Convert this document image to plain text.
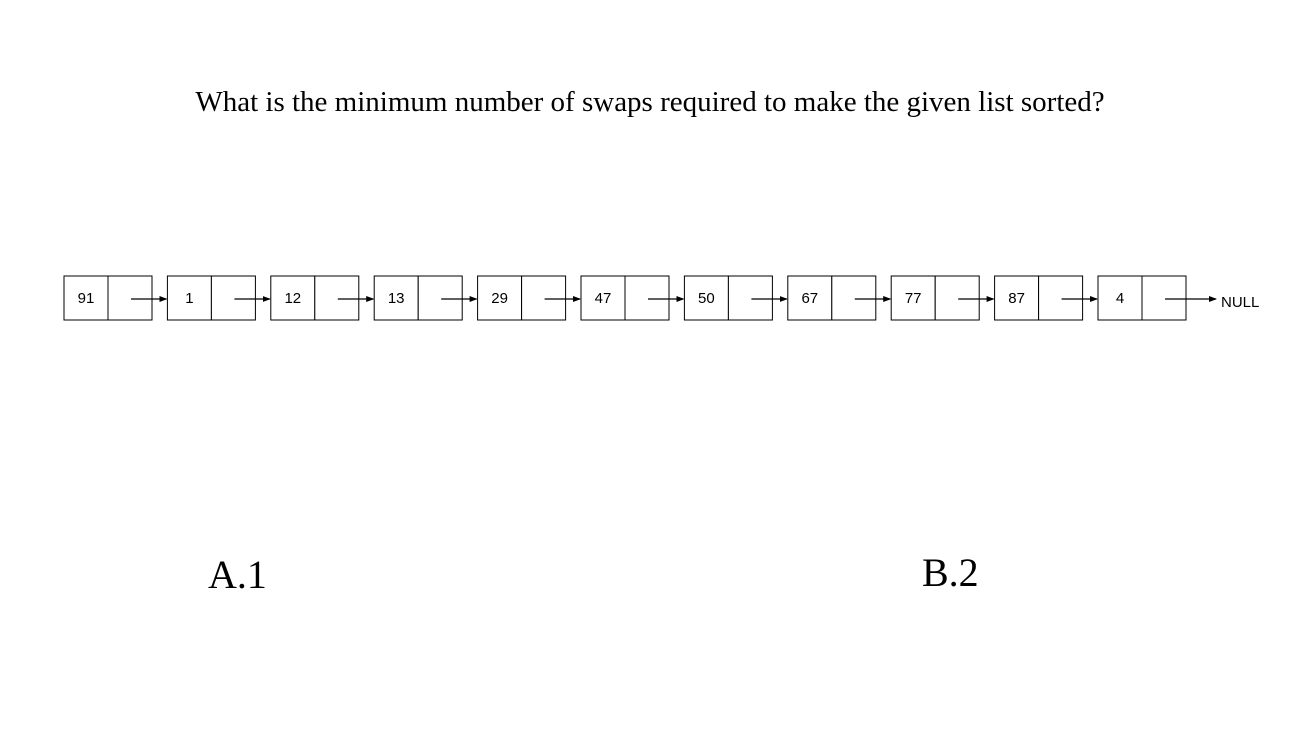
What is the minimum number of swaps required to make the given list sorted?
91	1	12	13	29	47	50	67	77	87	4	NULL
A.1	B.2
